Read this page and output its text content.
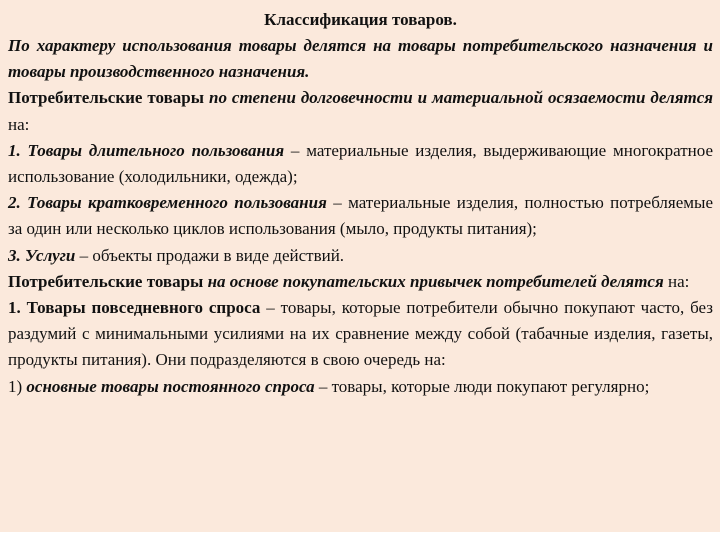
Классификация товаров.

По характеру использования товары делятся на товары потребительского назначения и товары производственного назначения.

Потребительские товары по степени долговечности и материальной осязаемости делятся на:

1. Товары длительного пользования – материальные изделия, выдерживающие многократное использование (холодильники, одежда);

2. Товары кратковременного пользования – материальные изделия, полностью потребляемые за один или несколько циклов использования (мыло, продукты питания);

3. Услуги – объекты продажи в виде действий.

Потребительские товары на основе покупательских привычек потребителей делятся на:

1. Товары повседневного спроса – товары, которые потребители обычно покупают часто, без раздумий с минимальными усилиями на их сравнение между собой (табачные изделия, газеты, продукты питания). Они подразделяются в свою очередь на:

1) основные товары постоянного спроса – товары, которые люди покупают регулярно;
